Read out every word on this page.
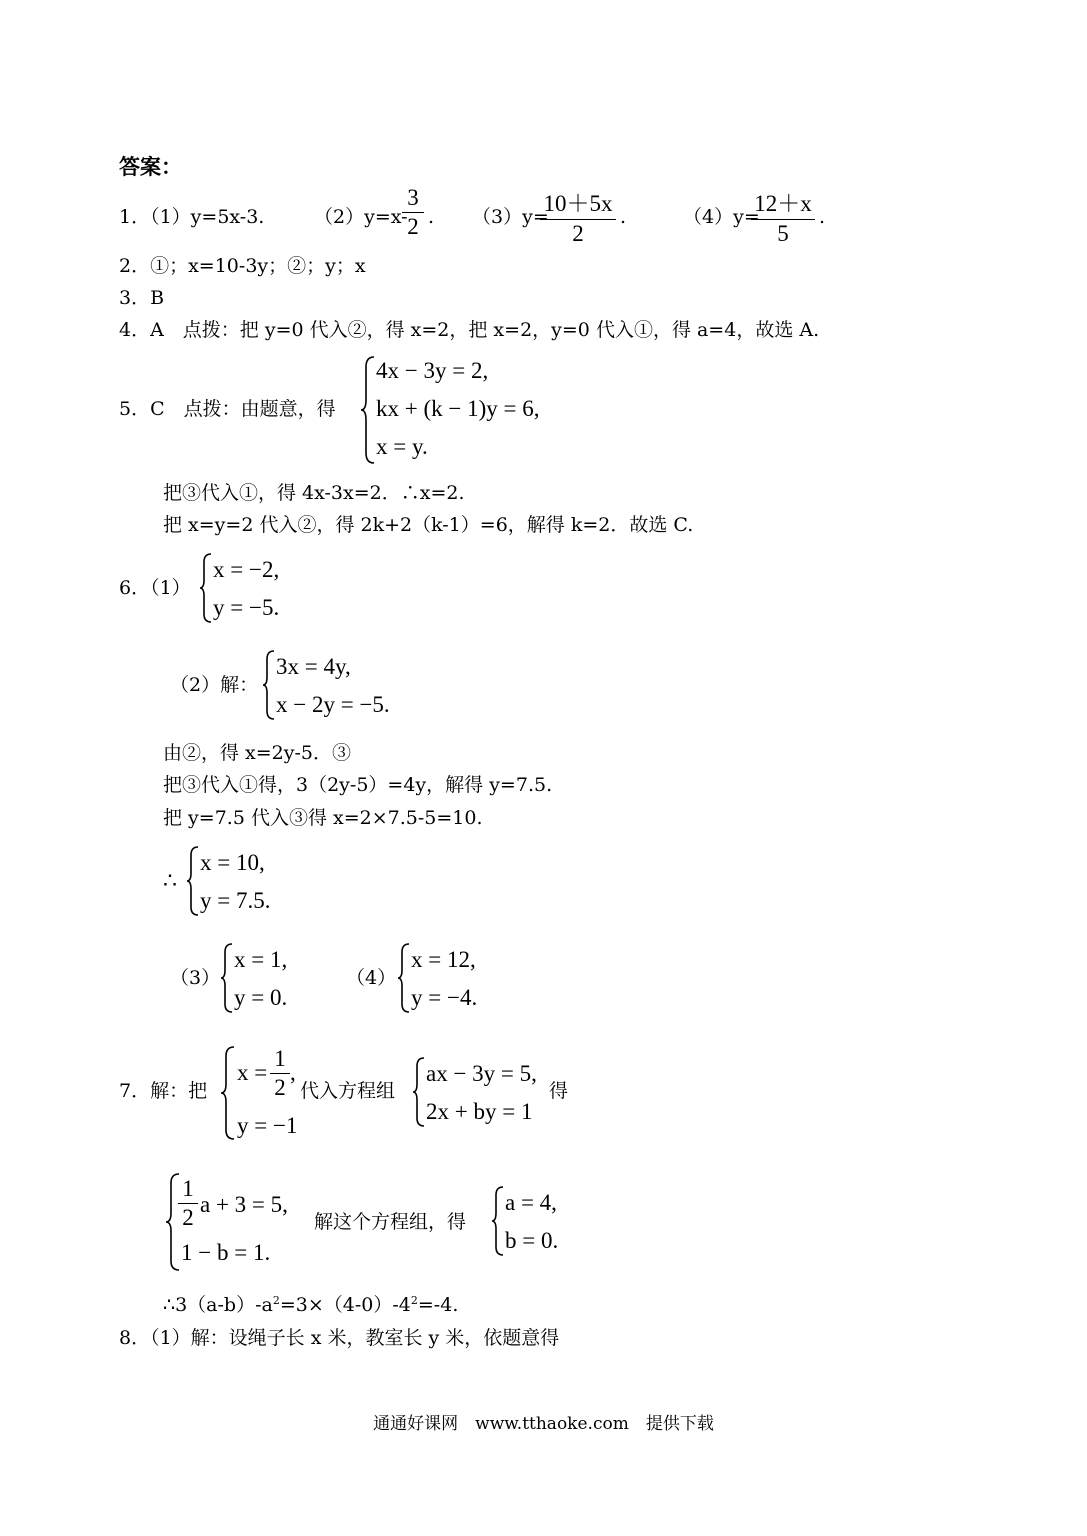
答案：
1．（1）y=5x-3.	（2）y=x-
3
2 . （3）y=
10＋5x
2
.	（4）y=
12＋x
5
.
2．①；x=10-3y；②；y；x
3．B
4．A　点拨：把 y=0 代入②，得 x=2，把 x=2，y=0 代入①，得 a=4，故选 A.
5．C　点拨：由题意，得
4x − 3y = 2,
kx + (k − 1)y = 6,
x = y.
把③代入①，得 4x-3x=2．∴x=2.
把 x=y=2 代入②，得 2k+2（k-1）=6，解得 k=2．故选 C.
6．（1）
x = −2,
y = −5.
（2）解：
3x = 4y,
x − 2y = −5.
由②，得 x=2y-5．③
把③代入①得，3（2y-5）=4y，解得 y=7.5.
把 y=7.5 代入③得 x=2×7.5-5=10.
∴
x = 10,
y = 7.5.
（3）
x = 1,
y = 0.
（4）
x = 12,
y = −4.
7．解：把
x =
1
2
,
y = −1
代入方程组
ax − 3y = 5,
2x + by = 1
得
1
2
a + 3 = 5,
1 − b = 1.
解这个方程组，得
a = 4,
b = 0.
$\therefore 3(a-b)-a^2=3\times(4-0)-4^2=-4$.
8．（1）解：设绳子长 x 米，教室长 y 米，依题意得
通通好课网　www.tthaoke.com　提供下载
